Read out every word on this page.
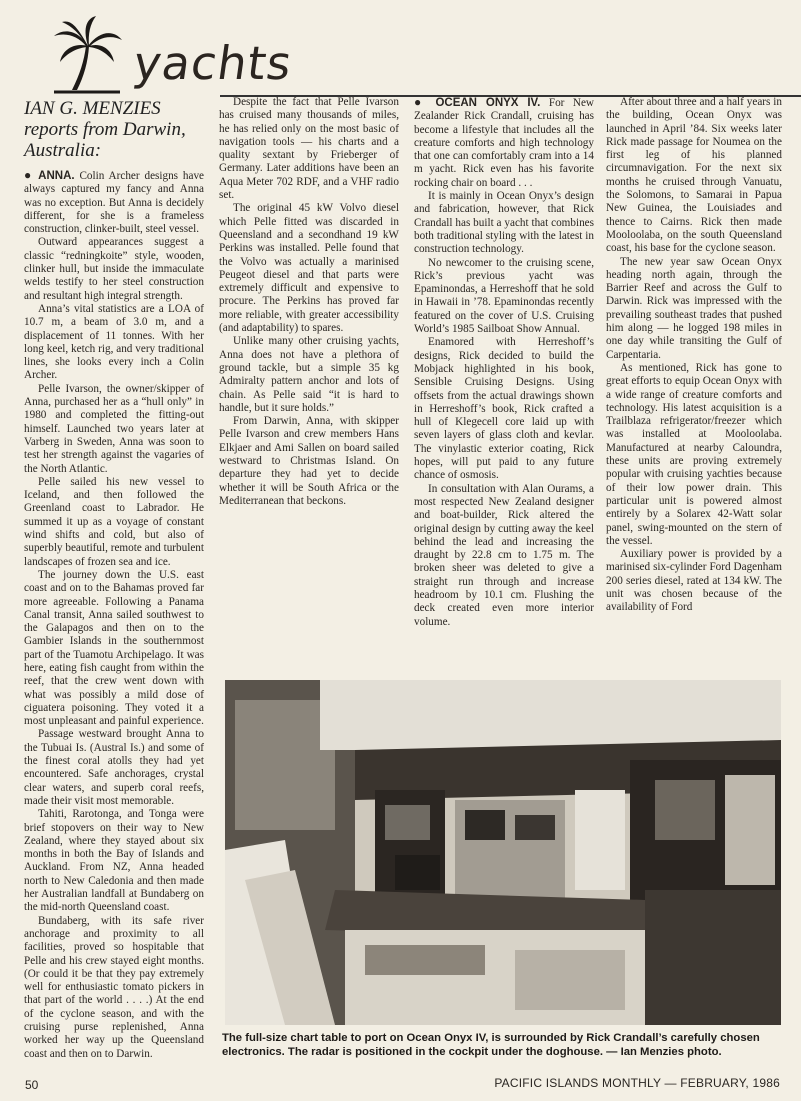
yachts
IAN G. MENZIES reports from Darwin, Australia:

● ANNA. Colin Archer designs have always captured my fancy and Anna was no exception. But Anna is decidely different, for she is a frameless construction, clinker-built, steel vessel.

Outward appearances suggest a classic “redningkoite” style, wooden, clinker hull, but inside the immaculate welds testify to her steel construction and resultant high integral strength.

Anna’s vital statistics are a LOA of 10.7 m, a beam of 3.0 m, and a displacement of 11 tonnes. With her long keel, ketch rig, and very traditional lines, she looks every inch a Colin Archer.

Pelle Ivarson, the owner/skipper of Anna, purchased her as a “hull only” in 1980 and completed the fitting-out himself. Launched two years later at Varberg in Sweden, Anna was soon to test her strength against the vagaries of the North Atlantic.

Pelle sailed his new vessel to Iceland, and then followed the Greenland coast to Labrador. He summed it up as a voyage of constant wind shifts and cold, but also of superbly beautiful, remote and turbulent landscapes of frozen sea and ice.

The journey down the U.S. east coast and on to the Bahamas proved far more agreeable. Following a Panama Canal transit, Anna sailed southwest to the Galapagos and then on to the Gambier Islands in the southernmost part of the Tuamotu Archipelago. It was here, eating fish caught from within the reef, that the crew went down with what was possibly a mild dose of ciguatera poisoning. They voted it a most unpleasant and painful experience.

Passage westward brought Anna to the Tubuai Is. (Austral Is.) and some of the finest coral atolls they had yet encountered. Safe anchorages, crystal clear waters, and superb coral reefs, made their visit most memorable.

Tahiti, Rarotonga, and Tonga were brief stopovers on their way to New Zealand, where they stayed about six months in both the Bay of Islands and Auckland. From NZ, Anna headed north to New Caledonia and then made her Australian landfall at Bundaberg on the mid-north Queensland coast.

Bundaberg, with its safe river anchorage and proximity to all facilities, proved so hospitable that Pelle and his crew stayed eight months. (Or could it be that they pay extremely well for enthusiastic tomato pickers in that part of the world . . . .) At the end of the cyclone season, and with the cruising purse replenished, Anna worked her way up the Queensland coast and then on to Darwin.

Despite the fact that Pelle Ivarson has cruised many thousands of miles, he has relied only on the most basic of navigation tools — his charts and a quality sextant by Frieberger of Germany. Later additions have been an Aqua Meter 702 RDF, and a VHF radio set.

The original 45 kW Volvo diesel which Pelle fitted was discarded in Queensland and a secondhand 19 kW Perkins was installed. Pelle found that the Volvo was actually a marinised Peugeot diesel and that parts were extremely difficult and expensive to procure. The Perkins has proved far more reliable, with greater accessibility (and adaptability) to spares.

Unlike many other cruising yachts, Anna does not have a plethora of ground tackle, but a simple 35 kg Admiralty pattern anchor and lots of chain. As Pelle said “it is hard to handle, but it sure holds.”

From Darwin, Anna, with skipper Pelle Ivarson and crew members Hans Elkjaer and Ami Sallen on board sailed westward to Christmas Island. On departure they had yet to decide whether it will be South Africa or the Mediterranean that beckons.

● OCEAN ONYX IV. For New Zealander Rick Crandall, cruising has become a lifestyle that includes all the creature comforts and high technology that one can comfortably cram into a 14 m yacht. Rick even has his favorite rocking chair on board . . .

It is mainly in Ocean Onyx’s design and fabrication, however, that Rick Crandall has built a yacht that combines both traditional styling with the latest in construction technology.

No newcomer to the cruising scene, Rick’s previous yacht was Epaminondas, a Herreshoff that he sold in Hawaii in ’78. Epaminondas recently featured on the cover of U.S. Cruising World’s 1985 Sailboat Show Annual.

Enamored with Herreshoff’s designs, Rick decided to build the Mobjack highlighted in his book, Sensible Cruising Designs. Using offsets from the actual drawings shown in Herreshoff’s book, Rick crafted a hull of Klegecell core laid up with seven layers of glass cloth and kevlar. The vinylastic exterior coating, Rick hopes, will put paid to any future chance of osmosis.

In consultation with Alan Ourams, a most respected New Zealand designer and boat-builder, Rick altered the original design by cutting away the keel behind the lead and increasing the draught by 22.8 cm to 1.75 m. The broken sheer was deleted to give a straight run through and increase headroom by 10.1 cm. Flushing the deck created even more interior volume.

After about three and a half years in the building, Ocean Onyx was launched in April ’84. Six weeks later Rick made passage for Noumea on the first leg of his planned circumnavigation. For the next six months he cruised through Vanuatu, the Solomons, to Samarai in Papua New Guinea, the Louisiades and thence to Cairns. Rick then made Mooloolaba, on the south Queensland coast, his base for the cyclone season.

The new year saw Ocean Onyx heading north again, through the Barrier Reef and across the Gulf to Darwin. Rick was impressed with the prevailing southeast trades that pushed him along — he logged 198 miles in one day while transiting the Gulf of Carpentaria.

As mentioned, Rick has gone to great efforts to equip Ocean Onyx with a wide range of creature comforts and technology. His latest acquisition is a Trailblaza refrigerator/freezer which was installed at Mooloolaba. Manufactured at nearby Caloundra, these units are proving extremely popular with cruising yachties because of their low power drain. This particular unit is powered almost entirely by a Solarex 42-Watt solar panel, swing-mounted on the stern of the vessel.

Auxiliary power is provided by a marinised six-cylinder Ford Dagenham 200 series diesel, rated at 134 kW. The unit was chosen because of the availability of Ford

The full-size chart table to port on Ocean Onyx IV, is surrounded by Rick Crandall’s carefully chosen electronics. The radar is positioned in the cockpit under the doghouse. — Ian Menzies photo.
50	PACIFIC ISLANDS MONTHLY — FEBRUARY, 1986
